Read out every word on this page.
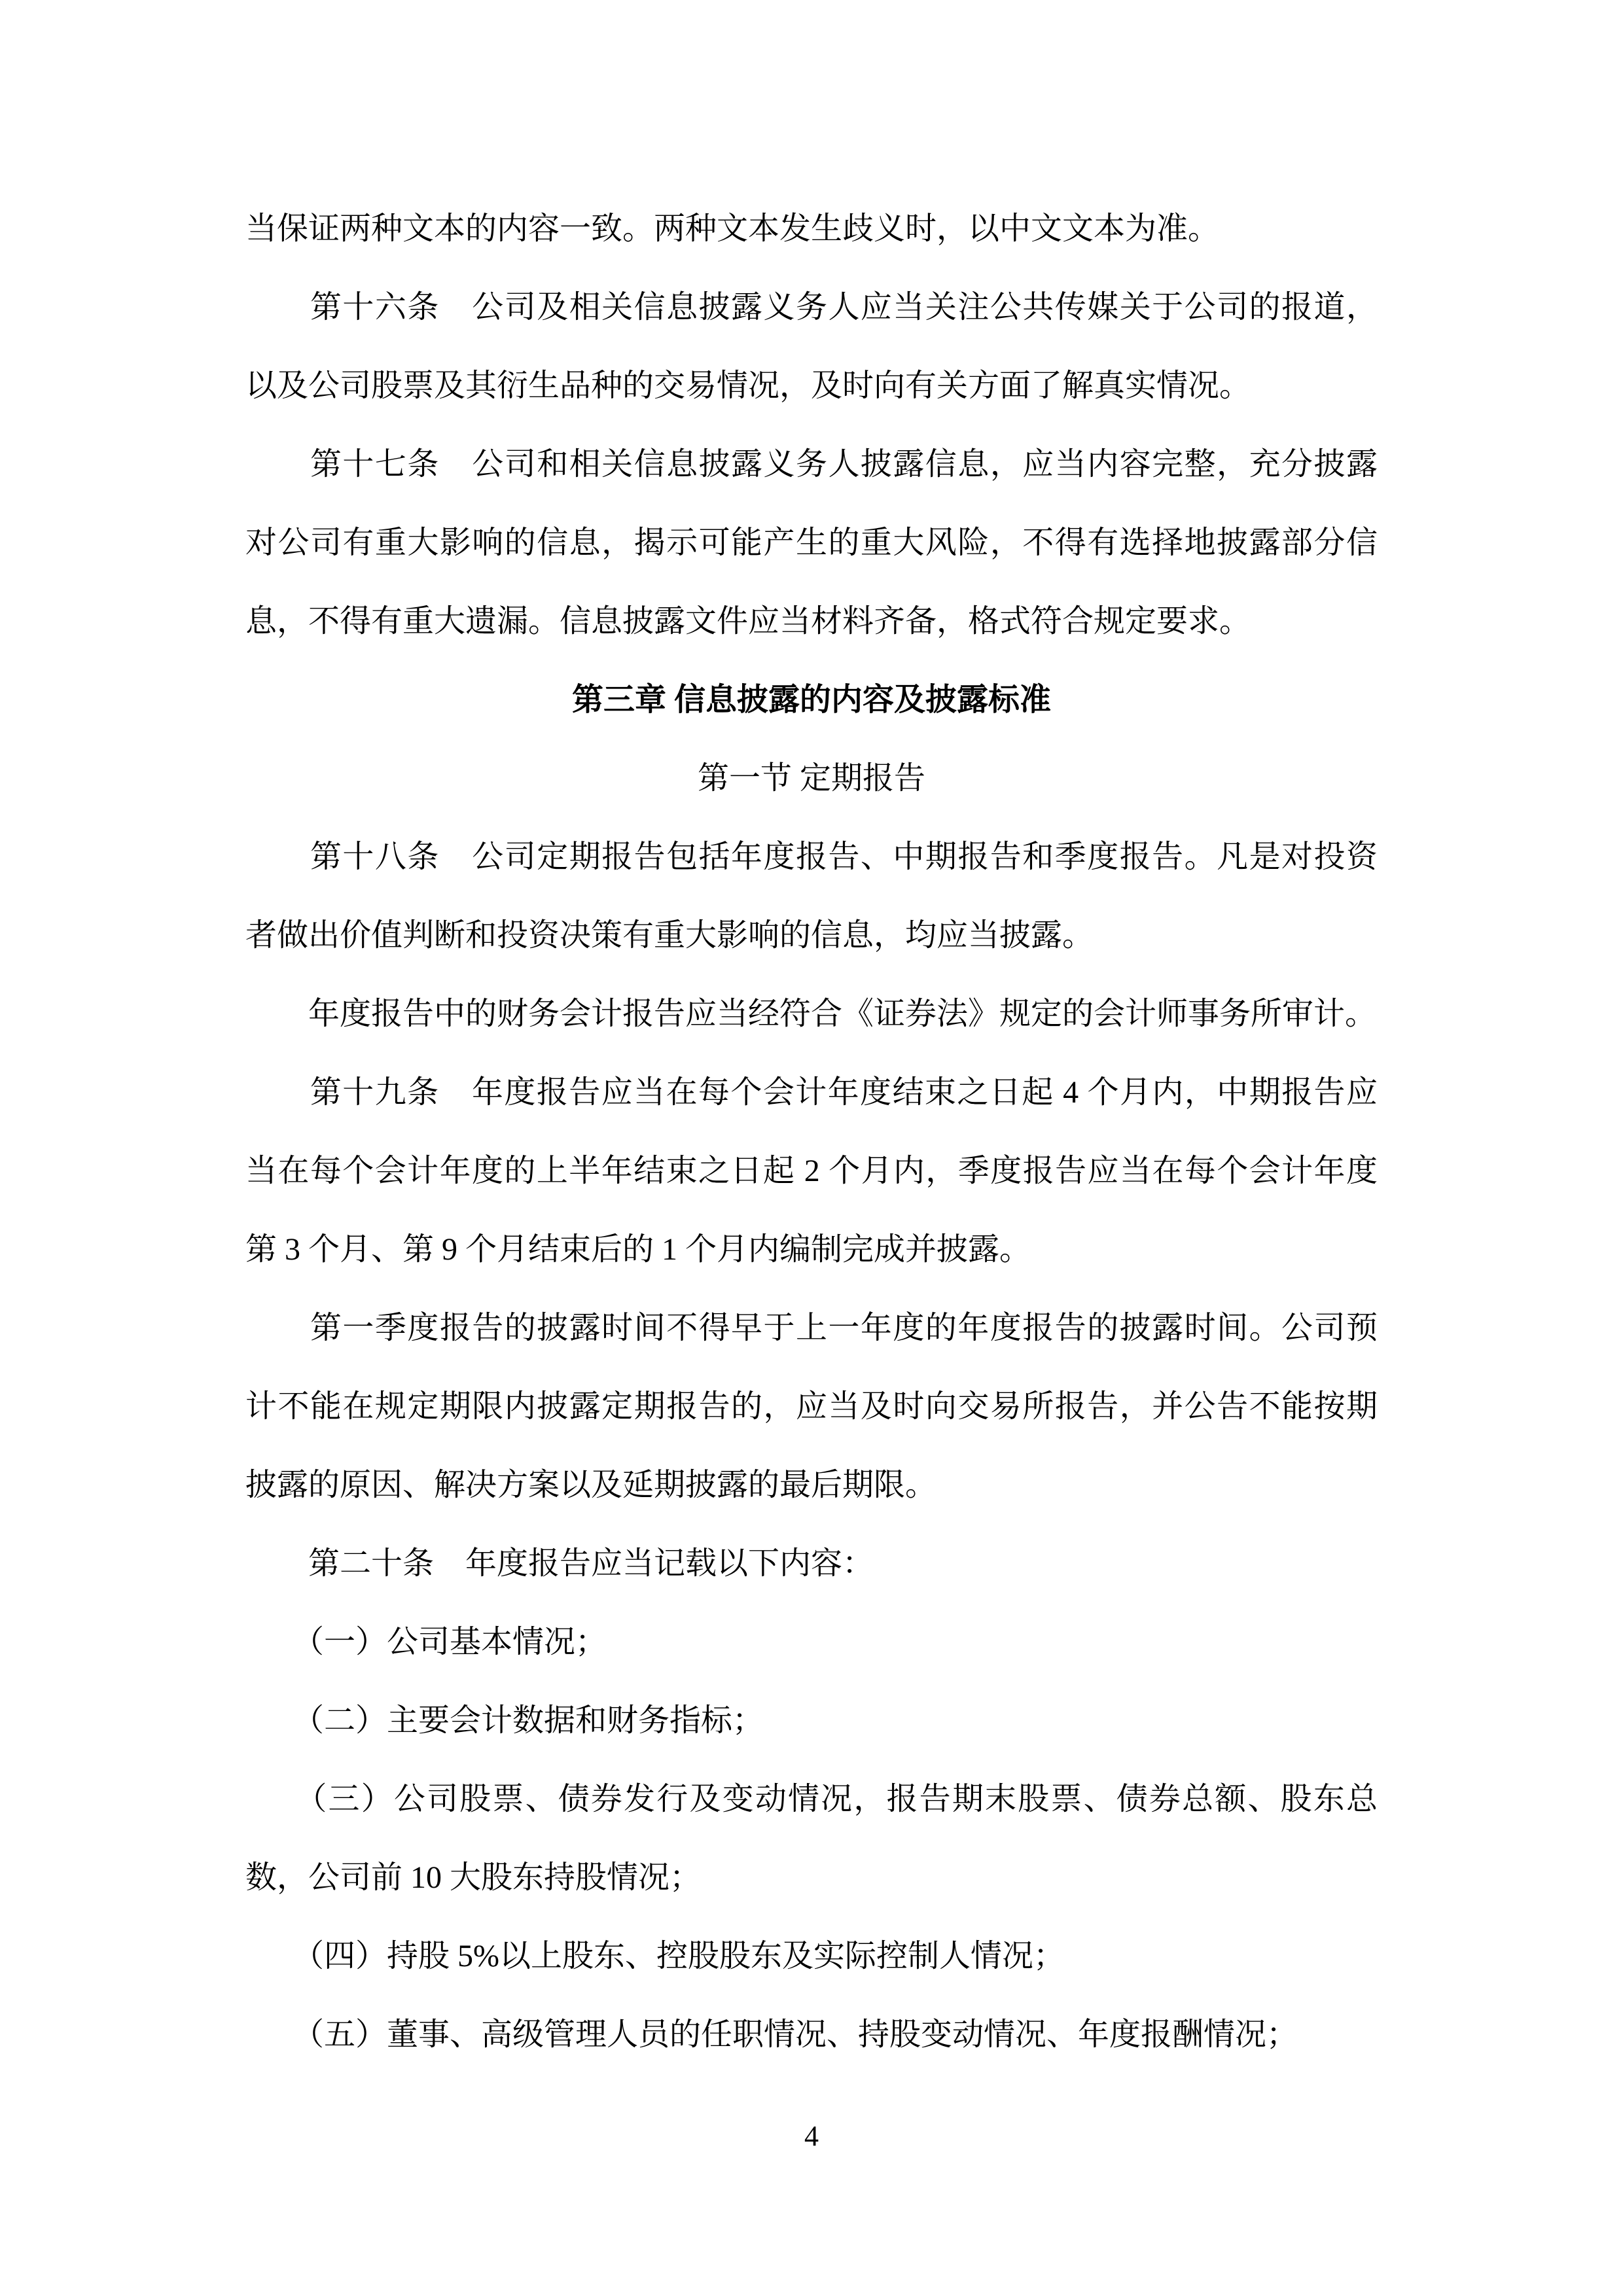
当保证两种文本的内容一致。两种文本发生歧义时，以中文文本为准。
　　第十六条　公司及相关信息披露义务人应当关注公共传媒关于公司的报道，
以及公司股票及其衍生品种的交易情况，及时向有关方面了解真实情况。
　　第十七条　公司和相关信息披露义务人披露信息，应当内容完整，充分披露
对公司有重大影响的信息，揭示可能产生的重大风险，不得有选择地披露部分信
息，不得有重大遗漏。信息披露文件应当材料齐备，格式符合规定要求。
第三章 信息披露的内容及披露标准
第一节 定期报告
　　第十八条　公司定期报告包括年度报告、中期报告和季度报告。凡是对投资
者做出价值判断和投资决策有重大影响的信息，均应当披露。
　　年度报告中的财务会计报告应当经符合《证券法》规定的会计师事务所审计。
　　第十九条　年度报告应当在每个会计年度结束之日起 4 个月内，中期报告应
当在每个会计年度的上半年结束之日起 2 个月内，季度报告应当在每个会计年度
第 3 个月、第 9 个月结束后的 1 个月内编制完成并披露。
　　第一季度报告的披露时间不得早于上一年度的年度报告的披露时间。公司预
计不能在规定期限内披露定期报告的，应当及时向交易所报告，并公告不能按期
披露的原因、解决方案以及延期披露的最后期限。
　　第二十条　年度报告应当记载以下内容：
　　（一）公司基本情况；
　　（二）主要会计数据和财务指标；
　　（三）公司股票、债券发行及变动情况，报告期末股票、债券总额、股东总
数，公司前 10 大股东持股情况；
　　（四）持股 5%以上股东、控股股东及实际控制人情况；
　　（五）董事、高级管理人员的任职情况、持股变动情况、年度报酬情况；
4
